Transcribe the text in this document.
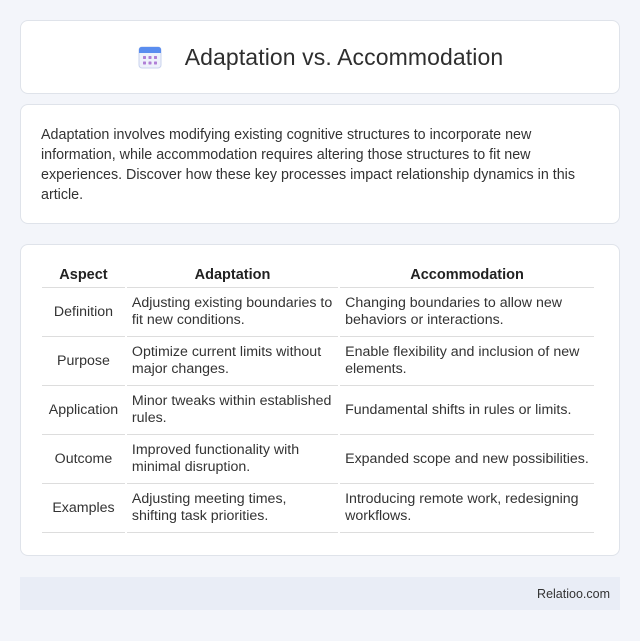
Adaptation vs. Accommodation

Adaptation involves modifying existing cognitive structures to incorporate new information, while accommodation requires altering those structures to fit new experiences. Discover how these key processes impact relationship dynamics in this article.

Aspect	Adaptation	Accommodation
Definition	Adjusting existing boundaries to fit new conditions.	Changing boundaries to allow new behaviors or interactions.
Purpose	Optimize current limits without major changes.	Enable flexibility and inclusion of new elements.
Application	Minor tweaks within established rules.	Fundamental shifts in rules or limits.
Outcome	Improved functionality with minimal disruption.	Expanded scope and new possibilities.
Examples	Adjusting meeting times, shifting task priorities.	Introducing remote work, redesigning workflows.
Relatioo.com
